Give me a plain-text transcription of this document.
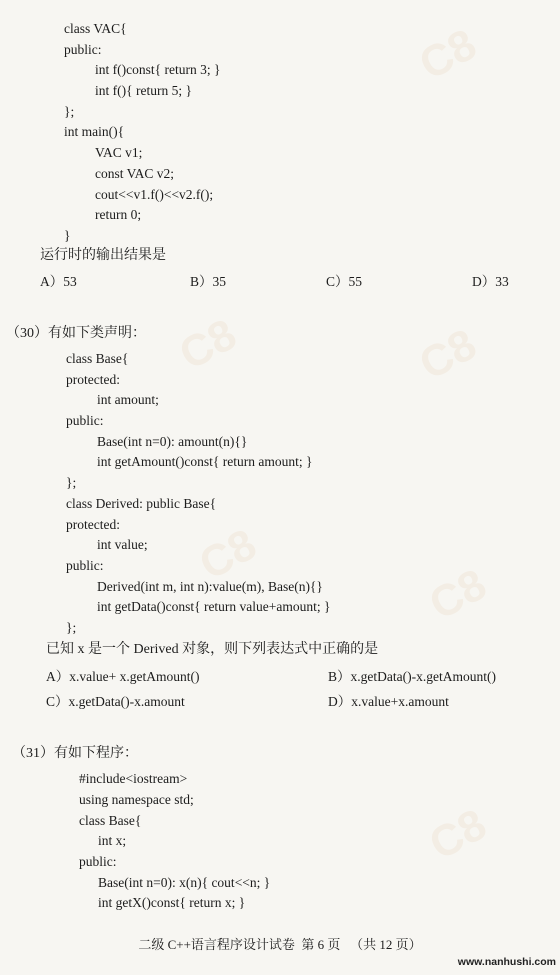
C8
C8	C8
C8
C8
C8
class VAC{
public:
int f()const{ return 3; }
int f(){ return 5; }
};
int main(){
VAC v1;
const VAC v2;
cout<<v1.f()<<v2.f();
return 0;
}
运行时的输出结果是
A）53	B）35	C）55	D）33
（30）有如下类声明：
class Base{
protected:
int amount;
public:
Base(int n=0): amount(n){}
int getAmount()const{ return amount; }
};
class Derived: public Base{
protected:
int value;
public:
Derived(int m, int n):value(m), Base(n){}
int getData()const{ return value+amount; }
};
已知 x 是一个 Derived 对象，则下列表达式中正确的是
A）x.value+ x.getAmount()	B）x.getData()-x.getAmount()
C）x.getData()-x.amount	D）x.value+x.amount
（31）有如下程序：
#include<iostream>
using namespace std;
class Base{
int x;
public:
Base(int n=0): x(n){ cout<<n; }
int getX()const{ return x; }
二级 C++语言程序设计试卷  第 6 页   （共 12 页）
www.nanhushi.com
